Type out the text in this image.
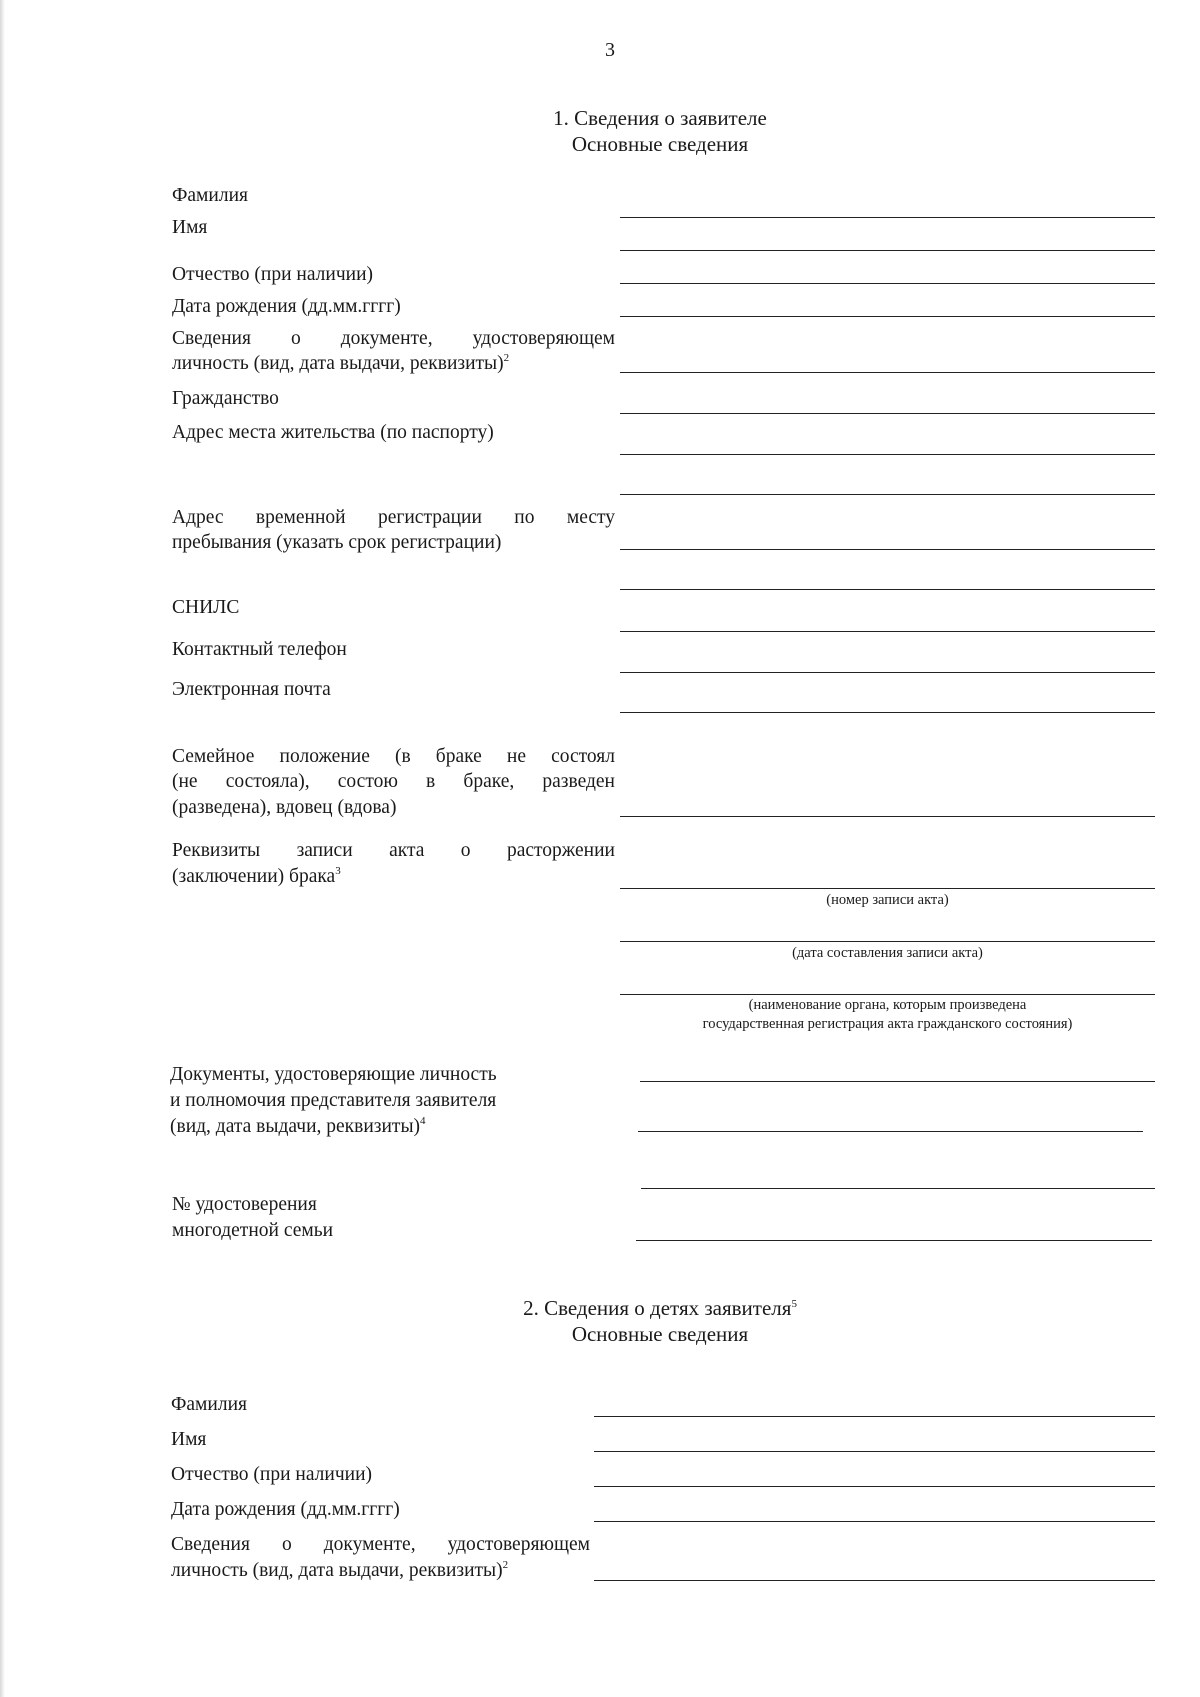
3
1. Сведения о заявителе
Основные сведения
Фамилия
Имя
Отчество (при наличии)
Дата рождения (дд.мм.гггг)
Сведения о документе, удостоверяющем
личность (вид, дата выдачи, реквизиты)$^2$
Гражданство
Адрес места жительства (по паспорту)
Адрес временной регистрации по месту
пребывания (указать срок регистрации)
СНИЛС
Контактный телефон
Электронная почта
Семейное положение (в браке не состоял
(не состояла), состою в браке, разведен
(разведена), вдовец (вдова)
Реквизиты записи акта о расторжении
(заключении) брака$^3$
(номер записи акта)
(дата составления записи акта)
(наименование органа, которым произведена
государственная регистрация акта гражданского состояния)
Документы, удостоверяющие личность
и полномочия представителя заявителя
(вид, дата выдачи, реквизиты)$^4$
№ удостоверения
многодетной семьи
2. Сведения о детях заявителя$^5$
Основные сведения
Фамилия
Имя
Отчество (при наличии)
Дата рождения (дд.мм.гггг)
Сведения о документе, удостоверяющем
личность (вид, дата выдачи, реквизиты)$^2$
